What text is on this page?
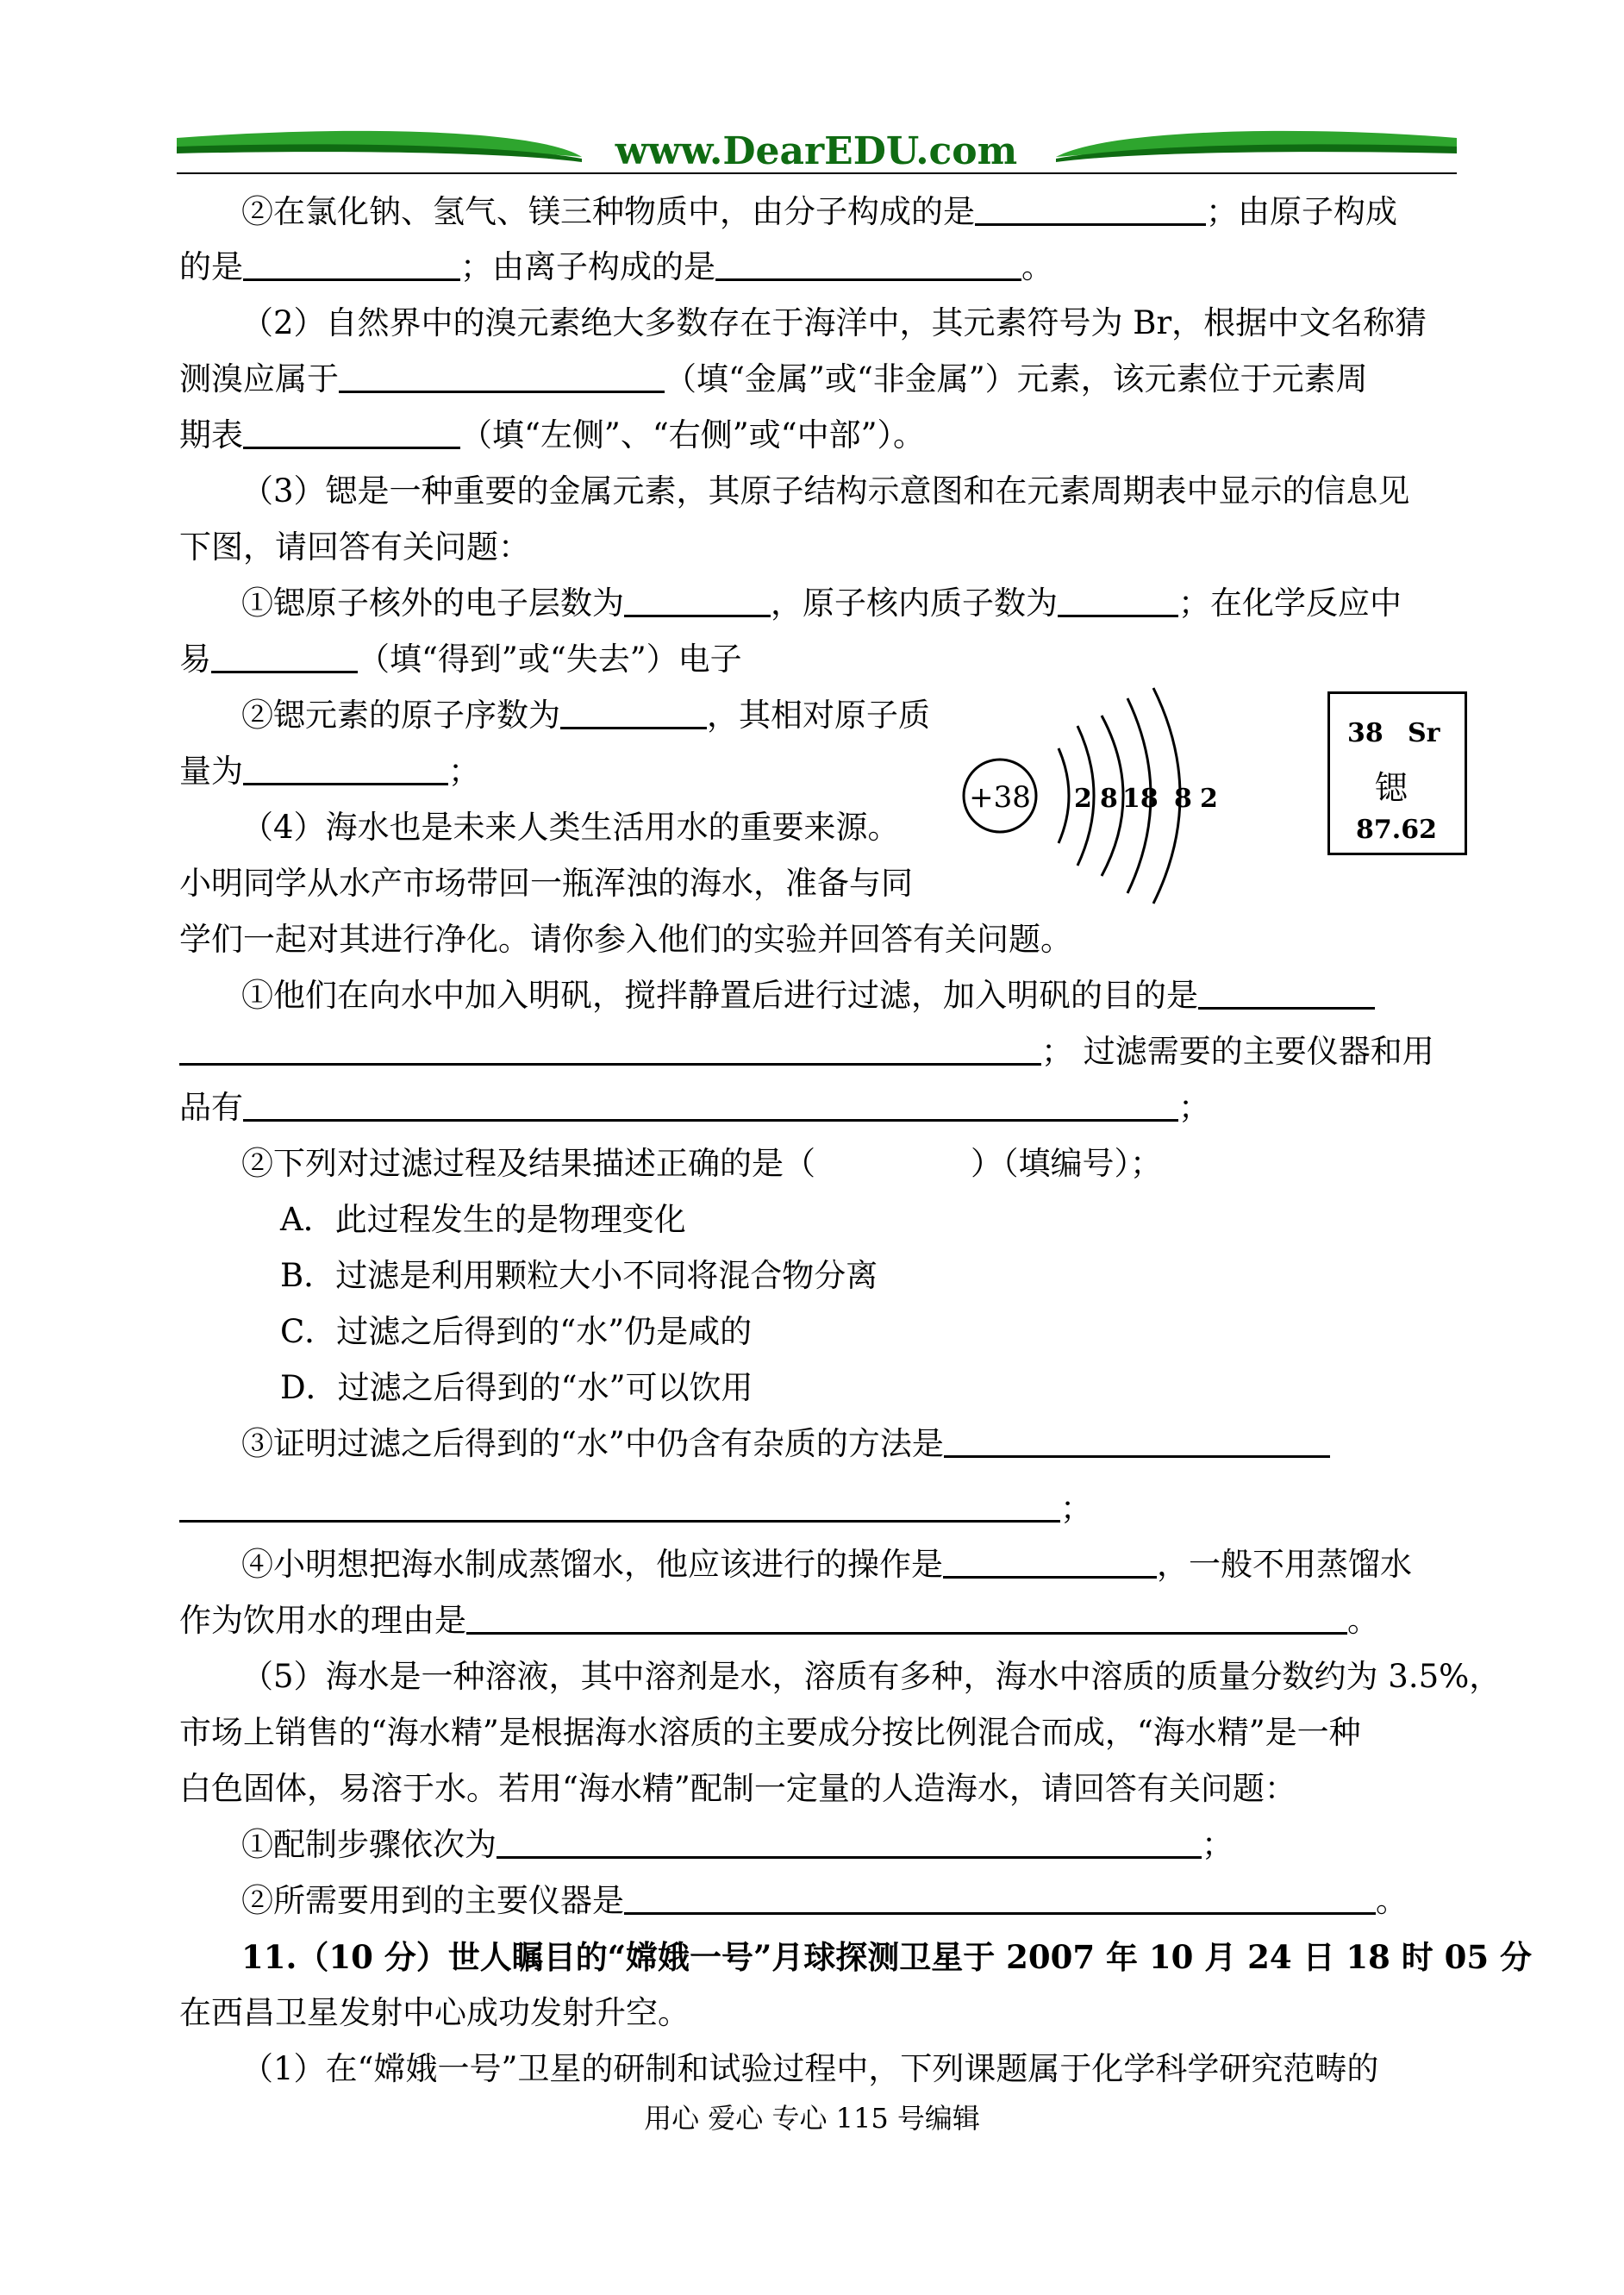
www.DearEDU.com
②在氯化钠、氢气、镁三种物质中，由分子构成的是	；由原子构成
的是	；由离子构成的是	。
（2）自然界中的溴元素绝大多数存在于海洋中，其元素符号为 Br，根据中文名称猜
测溴应属于	（填“金属”或“非金属”）元素，该元素位于元素周
期表	（填“左侧”、“右侧”或“中部”）。
（3）锶是一种重要的金属元素，其原子结构示意图和在元素周期表中显示的信息见
下图，请回答有关问题：
①锶原子核外的电子层数为	，原子核内质子数为	；在化学反应中
易	（填“得到”或“失去”）电子
②锶元素的原子序数为	，其相对原子质
量为	；
（4）海水也是未来人类生活用水的重要来源。
小明同学从水产市场带回一瓶浑浊的海水，准备与同
学们一起对其进行净化。请你参入他们的实验并回答有关问题。
+38 2 8 18 8 2
38 Sr
锶
87.62
①他们在向水中加入明矾，搅拌静置后进行过滤，加入明矾的目的是
； 过滤需要的主要仪器和用
品有	；
②下列对过滤过程及结果描述正确的是（	）（填编号）；
A．此过程发生的是物理变化
B．过滤是利用颗粒大小不同将混合物分离
C．过滤之后得到的“水”仍是咸的
D．过滤之后得到的“水”可以饮用
③证明过滤之后得到的“水”中仍含有杂质的方法是
；
④小明想把海水制成蒸馏水，他应该进行的操作是	，一般不用蒸馏水
作为饮用水的理由是	。
（5）海水是一种溶液，其中溶剂是水，溶质有多种，海水中溶质的质量分数约为 3.5%，
市场上销售的“海水精”是根据海水溶质的主要成分按比例混合而成，“海水精”是一种
白色固体，易溶于水。若用“海水精”配制一定量的人造海水，请回答有关问题：
①配制步骤依次为	；
②所需要用到的主要仪器是	。
11.（10 分）世人瞩目的“嫦娥一号”月球探测卫星于 2007 年 10 月 24 日 18 时 05 分
在西昌卫星发射中心成功发射升空。
（1）在“嫦娥一号”卫星的研制和试验过程中，下列课题属于化学科学研究范畴的
用心 爱心 专心 115 号编辑
